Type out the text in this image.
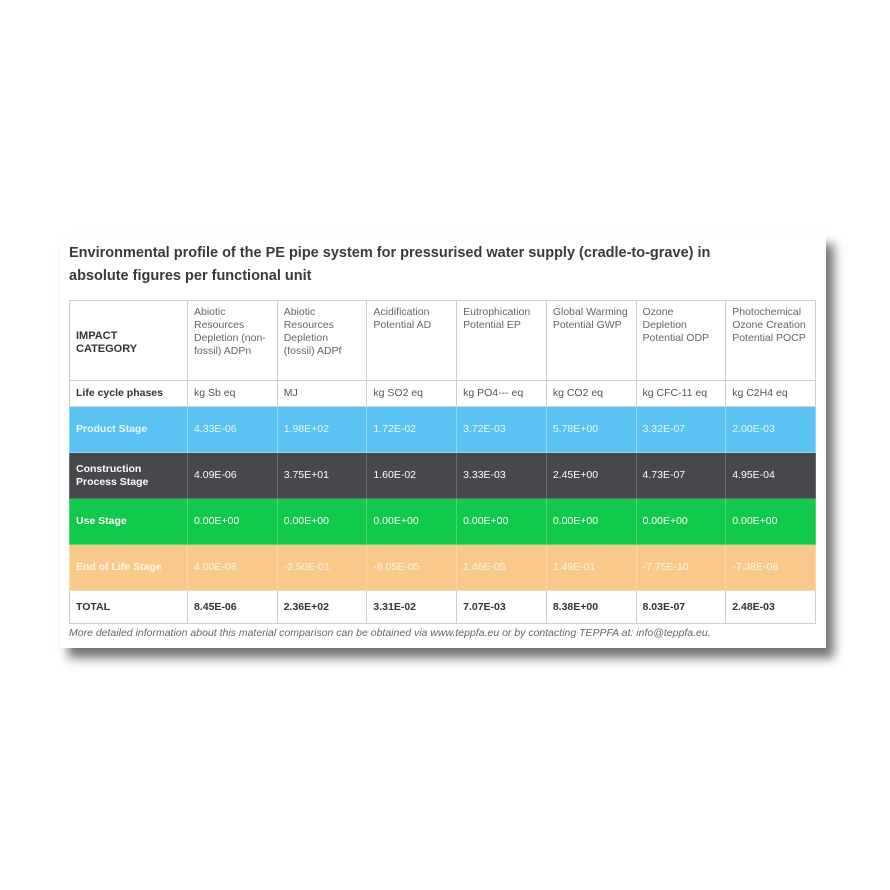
Environmental profile of the PE pipe system for pressurised water supply (cradle-to-grave) in absolute figures per functional unit
IMPACT CATEGORY	Abiotic Resources Depletion (non-fossil) ADPn	Abiotic Resources Depletion (fossil) ADPf	Acidification Potential AD	Eutrophication Potential EP	Global Warming Potential GWP	Ozone Depletion Potential ODP	Photochemical Ozone Creation Potential POCP
Life cycle phases	kg Sb eq	MJ	kg SO2 eq	kg PO4--- eq	kg CO2 eq	kg CFC-11 eq	kg C2H4 eq
Product Stage	4.33E-06	1.98E+02	1.72E-02	3.72E-03	5.78E+00	3.32E-07	2.00E-03
Construction Process Stage	4.09E-06	3.75E+01	1.60E-02	3.33E-03	2.45E+00	4.73E-07	4.95E-04
Use Stage	0.00E+00	0.00E+00	0.00E+00	0.00E+00	0.00E+00	0.00E+00	0.00E+00
End of Life Stage	4.00E-08	-2.50E-01	-8.05E-05	1.46E-05	1.49E-01	-7.75E-10	-7.38E-06
TOTAL	8.45E-06	2.36E+02	3.31E-02	7.07E-03	8.38E+00	8.03E-07	2.48E-03
More detailed information about this material comparison can be obtained via www.teppfa.eu or by contacting TEPPFA at: info@teppfa.eu.
